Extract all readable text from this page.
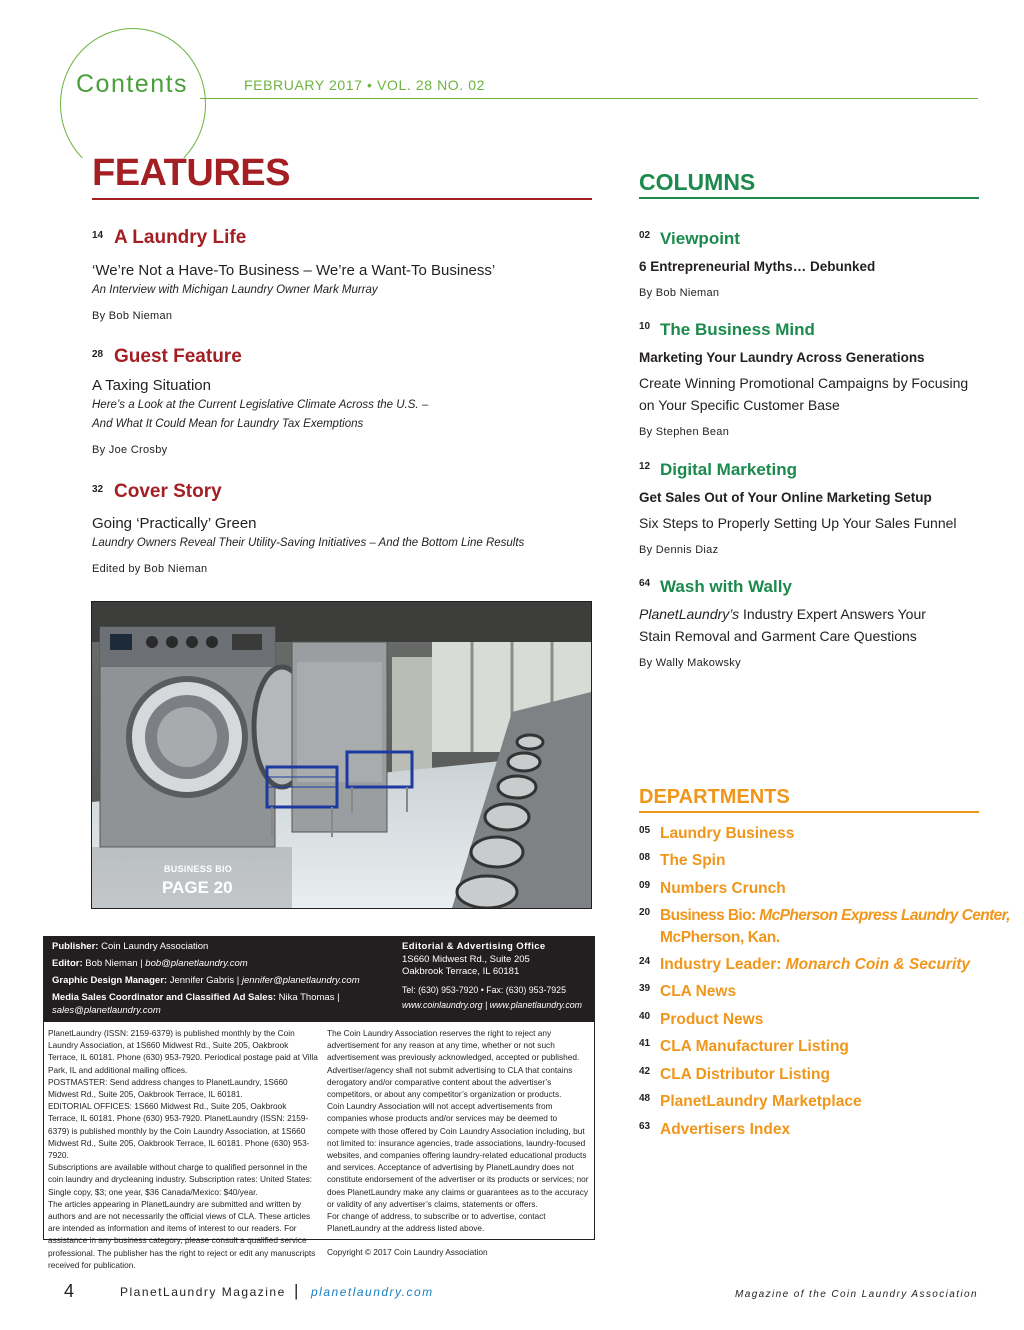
Contents	FEBRUARY 2017 • VOL. 28 NO. 02
FEATURES
14 A Laundry Life
‘We’re Not a Have-To Business – We’re a Want-To Business’
An Interview with Michigan Laundry Owner Mark Murray
By Bob Nieman
28 Guest Feature
A Taxing Situation
Here’s a Look at the Current Legislative Climate Across the U.S. –
And What It Could Mean for Laundry Tax Exemptions
By Joe Crosby
32 Cover Story
Going ‘Practically’ Green
Laundry Owners Reveal Their Utility-Saving Initiatives – And the Bottom Line Results
Edited by Bob Nieman
BUSINESS BIO
PAGE 20
Publisher: Coin Laundry Association
Editor: Bob Nieman | bob@planetlaundry.com
Graphic Design Manager: Jennifer Gabris | jennifer@planetlaundry.com
Media Sales Coordinator and Classified Ad Sales: Nika Thomas |
sales@planetlaundry.com
Editorial & Advertising Office
1S660 Midwest Rd., Suite 205
Oakbrook Terrace, IL 60181
Tel: (630) 953-7920 • Fax: (630) 953-7925
www.coinlaundry.org | www.planetlaundry.com

PlanetLaundry (ISSN: 2159-6379) is published monthly by the Coin Laundry Association, at 1S660 Midwest Rd., Suite 205, Oakbrook Terrace, IL 60181. Phone (630) 953-7920. Periodical postage paid at Villa Park, IL and additional mailing offices.

POSTMASTER: Send address changes to PlanetLaundry, 1S660 Midwest Rd., Suite 205, Oakbrook Terrace, IL 60181.

EDITORIAL OFFICES: 1S660 Midwest Rd., Suite 205, Oakbrook Terrace, IL 60181. Phone (630) 953-7920. PlanetLaundry (ISSN: 2159-6379) is published monthly by the Coin Laundry Association, at 1S660 Midwest Rd., Suite 205, Oakbrook Terrace, IL 60181. Phone (630) 953-7920.

Subscriptions are available without charge to qualified personnel in the coin laundry and drycleaning industry. Subscription rates: United States: Single copy, $3; one year, $36 Canada/Mexico: $40/year.

The articles appearing in PlanetLaundry are submitted and written by authors and are not necessarily the official views of CLA. These articles are intended as information and items of interest to our readers. For assistance in any business category, please consult a qualified service professional. The publisher has the right to reject or edit any manuscripts received for publication.

The Coin Laundry Association reserves the right to reject any advertisement for any reason at any time, whether or not such advertisement was previously acknowledged, accepted or published. Advertiser/agency shall not submit advertising to CLA that contains derogatory and/or comparative content about the advertiser’s competitors, or about any competitor’s organization or products.

Coin Laundry Association will not accept advertisements from companies whose products and/or services may be deemed to compete with those offered by Coin Laundry Association including, but not limited to: insurance agencies, trade associations, laundry-focused websites, and companies offering laundry-related educational products and services. Acceptance of advertising by PlanetLaundry does not constitute endorsement of the advertiser or its products or services; nor does PlanetLaundry make any claims or guarantees as to the accuracy or validity of any advertiser’s claims, statements or offers.

For change of address, to subscribe or to advertise, contact PlanetLaundry at the address listed above.

Copyright © 2017 Coin Laundry Association

COLUMNS
02 Viewpoint
6 Entrepreneurial Myths… Debunked
By Bob Nieman
10 The Business Mind
Marketing Your Laundry Across Generations
Create Winning Promotional Campaigns by Focusing
on Your Specific Customer Base
By Stephen Bean
12 Digital Marketing
Get Sales Out of Your Online Marketing Setup
Six Steps to Properly Setting Up Your Sales Funnel
By Dennis Diaz
64 Wash with Wally
PlanetLaundry’s Industry Expert Answers Your
Stain Removal and Garment Care Questions
By Wally Makowsky
DEPARTMENTS
05 Laundry Business
08 The Spin
09 Numbers Crunch
20 Business Bio: McPherson Express Laundry Center,
McPherson, Kan.
24 Industry Leader: Monarch Coin & Security
39 CLA News
40 Product News
41 CLA Manufacturer Listing
42 CLA Distributor Listing
48 PlanetLaundry Marketplace
63 Advertisers Index
4	PlanetLaundry Magazine | planetlaundry.com	Magazine of the Coin Laundry Association
